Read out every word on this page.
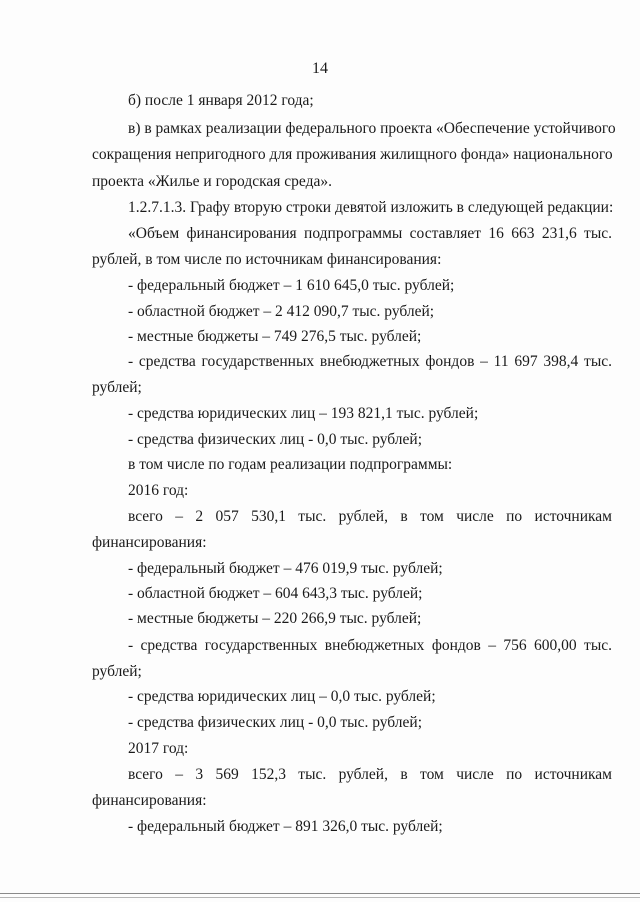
14
б) после 1 января 2012 года;
в) в рамках реализации федерального проекта «Обеспечение устойчивого
сокращения непригодного для проживания жилищного фонда» национального
проекта «Жилье и городская среда».
1.2.7.1.3. Графу вторую строки девятой изложить в следующей редакции:
«Объем финансирования подпрограммы составляет 16 663 231,6 тыс.
рублей, в том числе по источникам финансирования:
- федеральный бюджет – 1 610 645,0 тыс. рублей;
- областной бюджет – 2 412 090,7 тыс. рублей;
- местные бюджеты – 749 276,5 тыс. рублей;
- средства государственных внебюджетных фондов – 11 697 398,4 тыс.
рублей;
- средства юридических лиц – 193 821,1 тыс. рублей;
- средства физических лиц - 0,0 тыс. рублей;
в том числе по годам реализации подпрограммы:
2016 год:
всего – 2 057 530,1 тыс. рублей, в том числе по источникам
финансирования:
- федеральный бюджет – 476 019,9 тыс. рублей;
- областной бюджет – 604 643,3 тыс. рублей;
- местные бюджеты – 220 266,9 тыс. рублей;
- средства государственных внебюджетных фондов – 756 600,00 тыс.
рублей;
- средства юридических лиц – 0,0 тыс. рублей;
- средства физических лиц - 0,0 тыс. рублей;
2017 год:
всего – 3 569 152,3 тыс. рублей, в том числе по источникам
финансирования:
- федеральный бюджет – 891 326,0 тыс. рублей;
